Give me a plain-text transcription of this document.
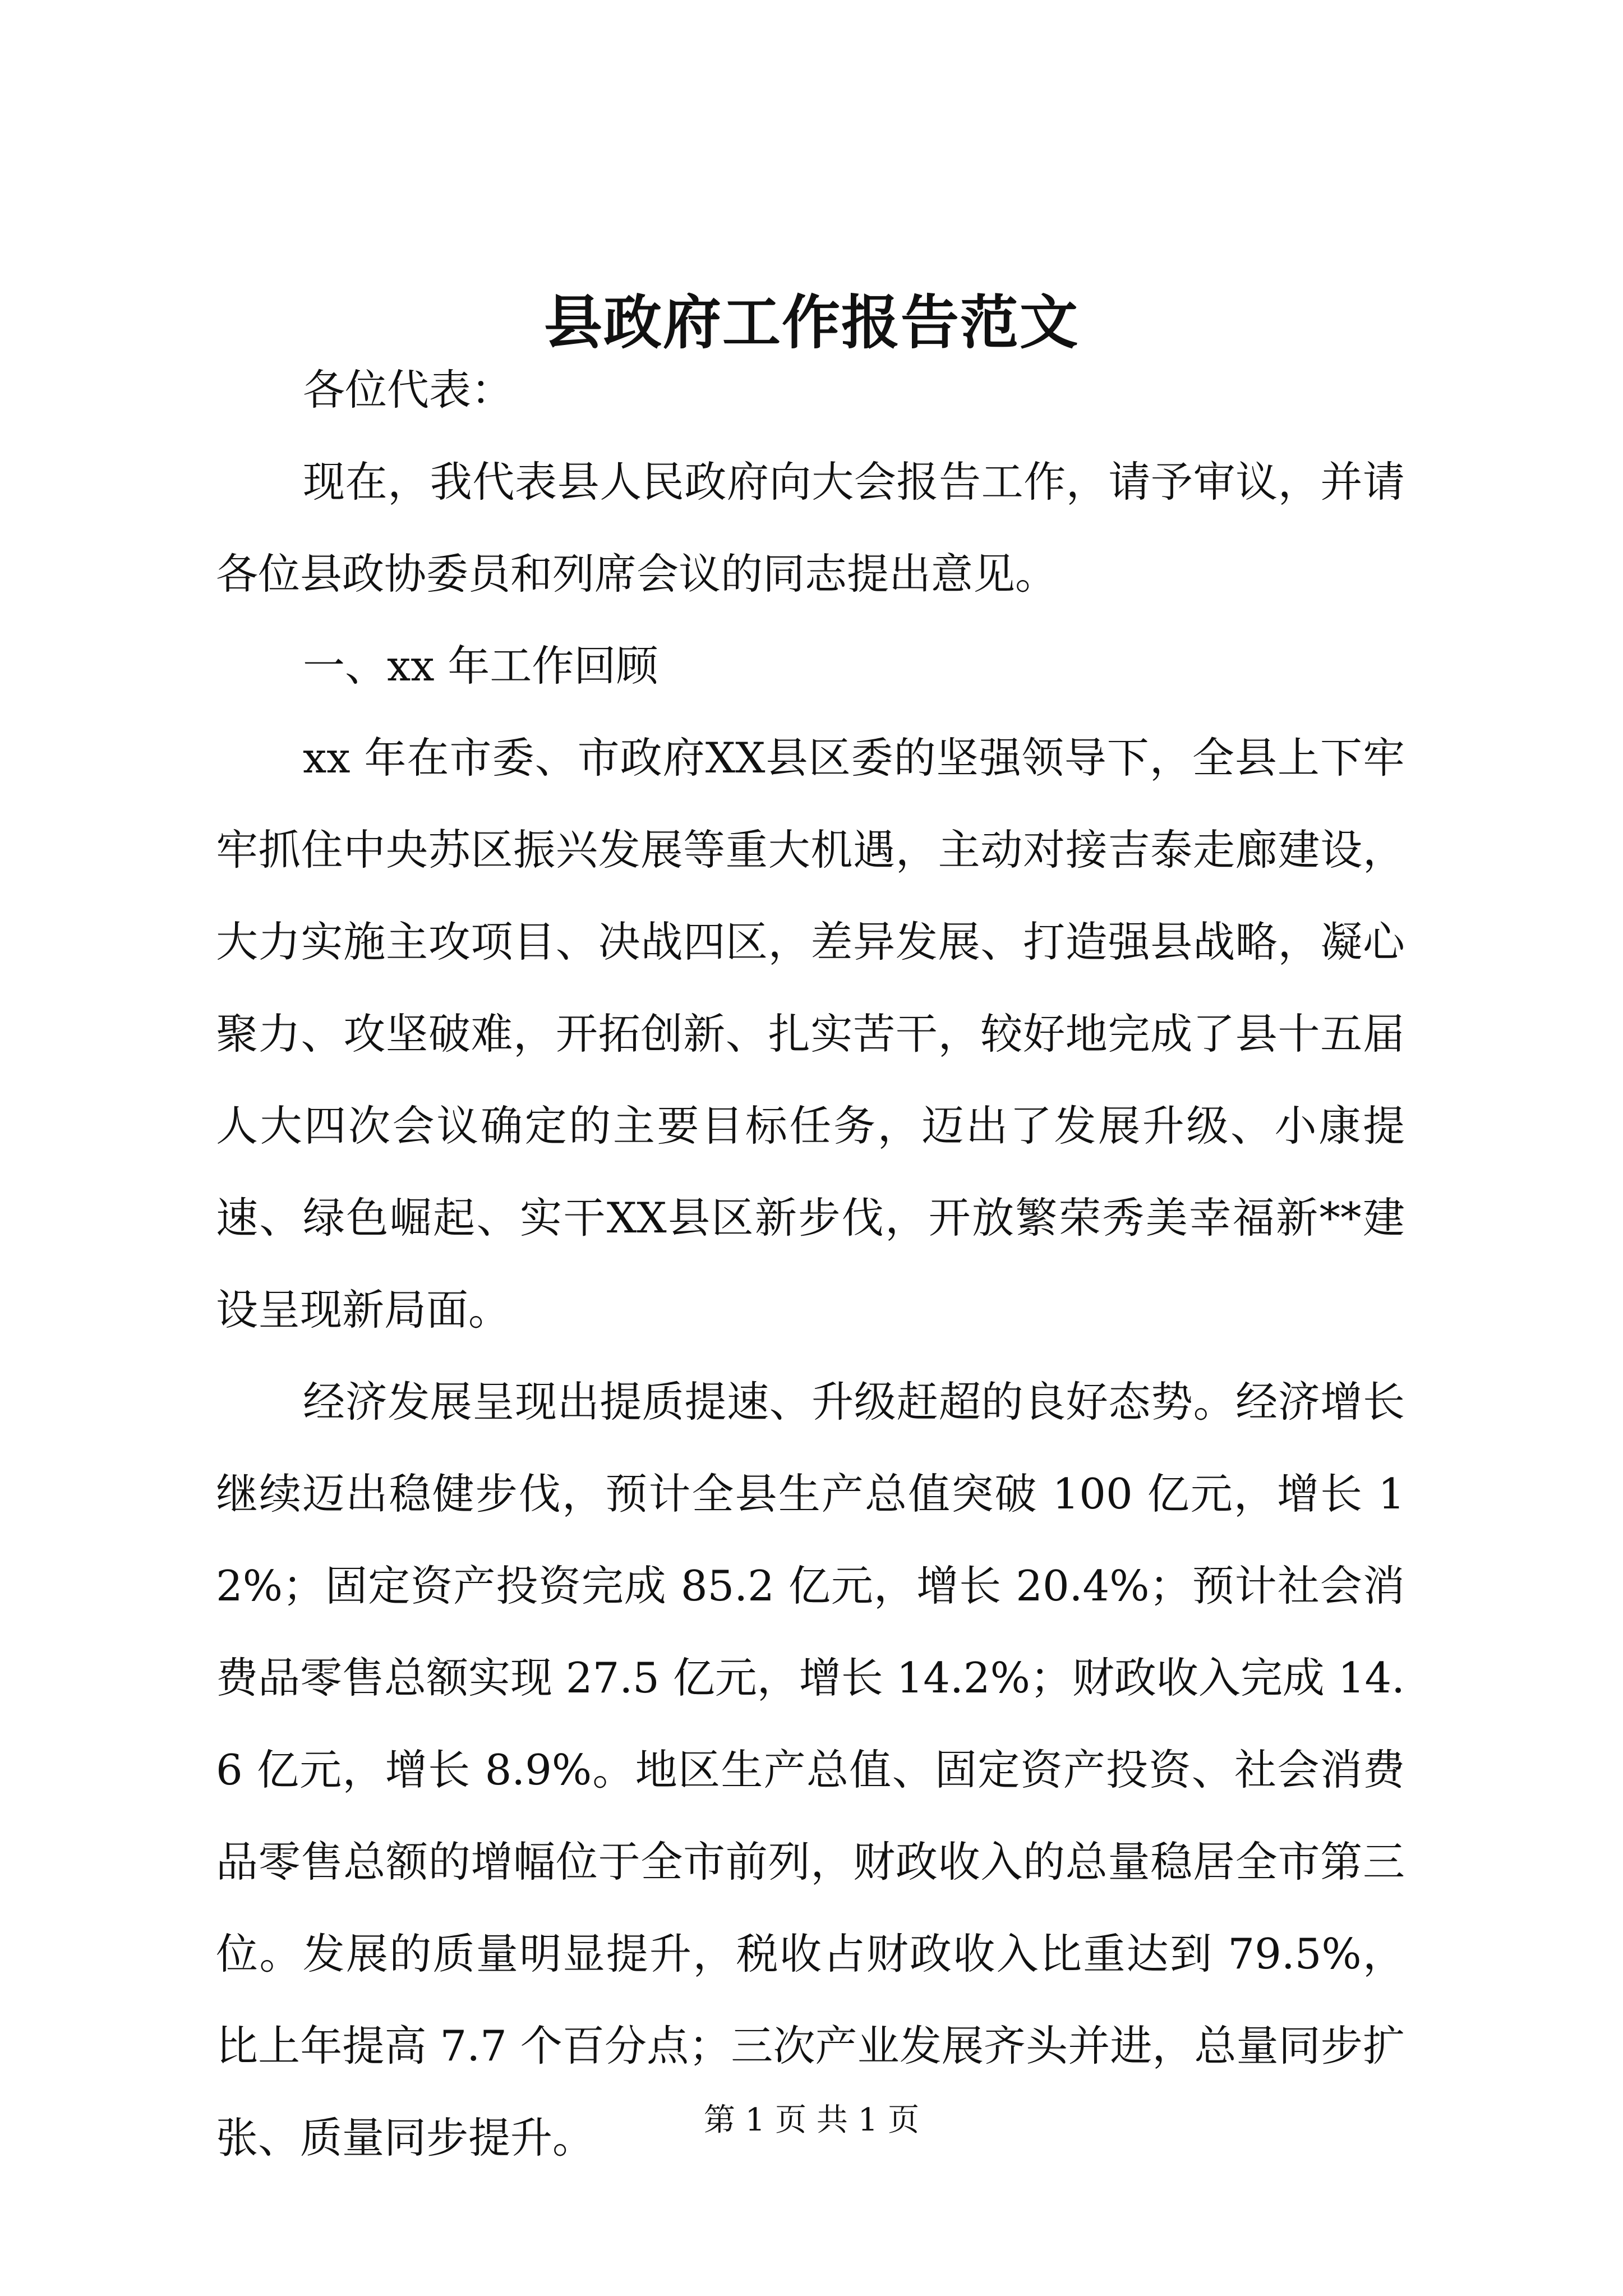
县政府工作报告范文

各位代表：

现在，我代表县人民政府向大会报告工作，请予审议，并请各位县政协委员和列席会议的同志提出意见。

一、xx 年工作回顾

xx 年在市委、市政府XX县区委的坚强领导下，全县上下牢牢抓住中央苏区振兴发展等重大机遇，主动对接吉泰走廊建设，大力实施主攻项目、决战四区，差异发展、打造强县战略，凝心聚力、攻坚破难，开拓创新、扎实苦干，较好地完成了县十五届人大四次会议确定的主要目标任务，迈出了发展升级、小康提速、绿色崛起、实干XX县区新步伐，开放繁荣秀美幸福新**建设呈现新局面。

经济发展呈现出提质提速、升级赶超的良好态势。经济增长继续迈出稳健步伐，预计全县生产总值突破 100 亿元，增长 12%；固定资产投资完成 85.2 亿元，增长 20.4%；预计社会消费品零售总额实现 27.5 亿元，增长 14.2%；财政收入完成 14.6 亿元，增长 8.9%。地区生产总值、固定资产投资、社会消费品零售总额的增幅位于全市前列，财政收入的总量稳居全市第三位。发展的质量明显提升，税收占财政收入比重达到 79.5%，比上年提高 7.7 个百分点；三次产业发展齐头并进，总量同步扩张、质量同步提升。	第 1 页 共 1 页
